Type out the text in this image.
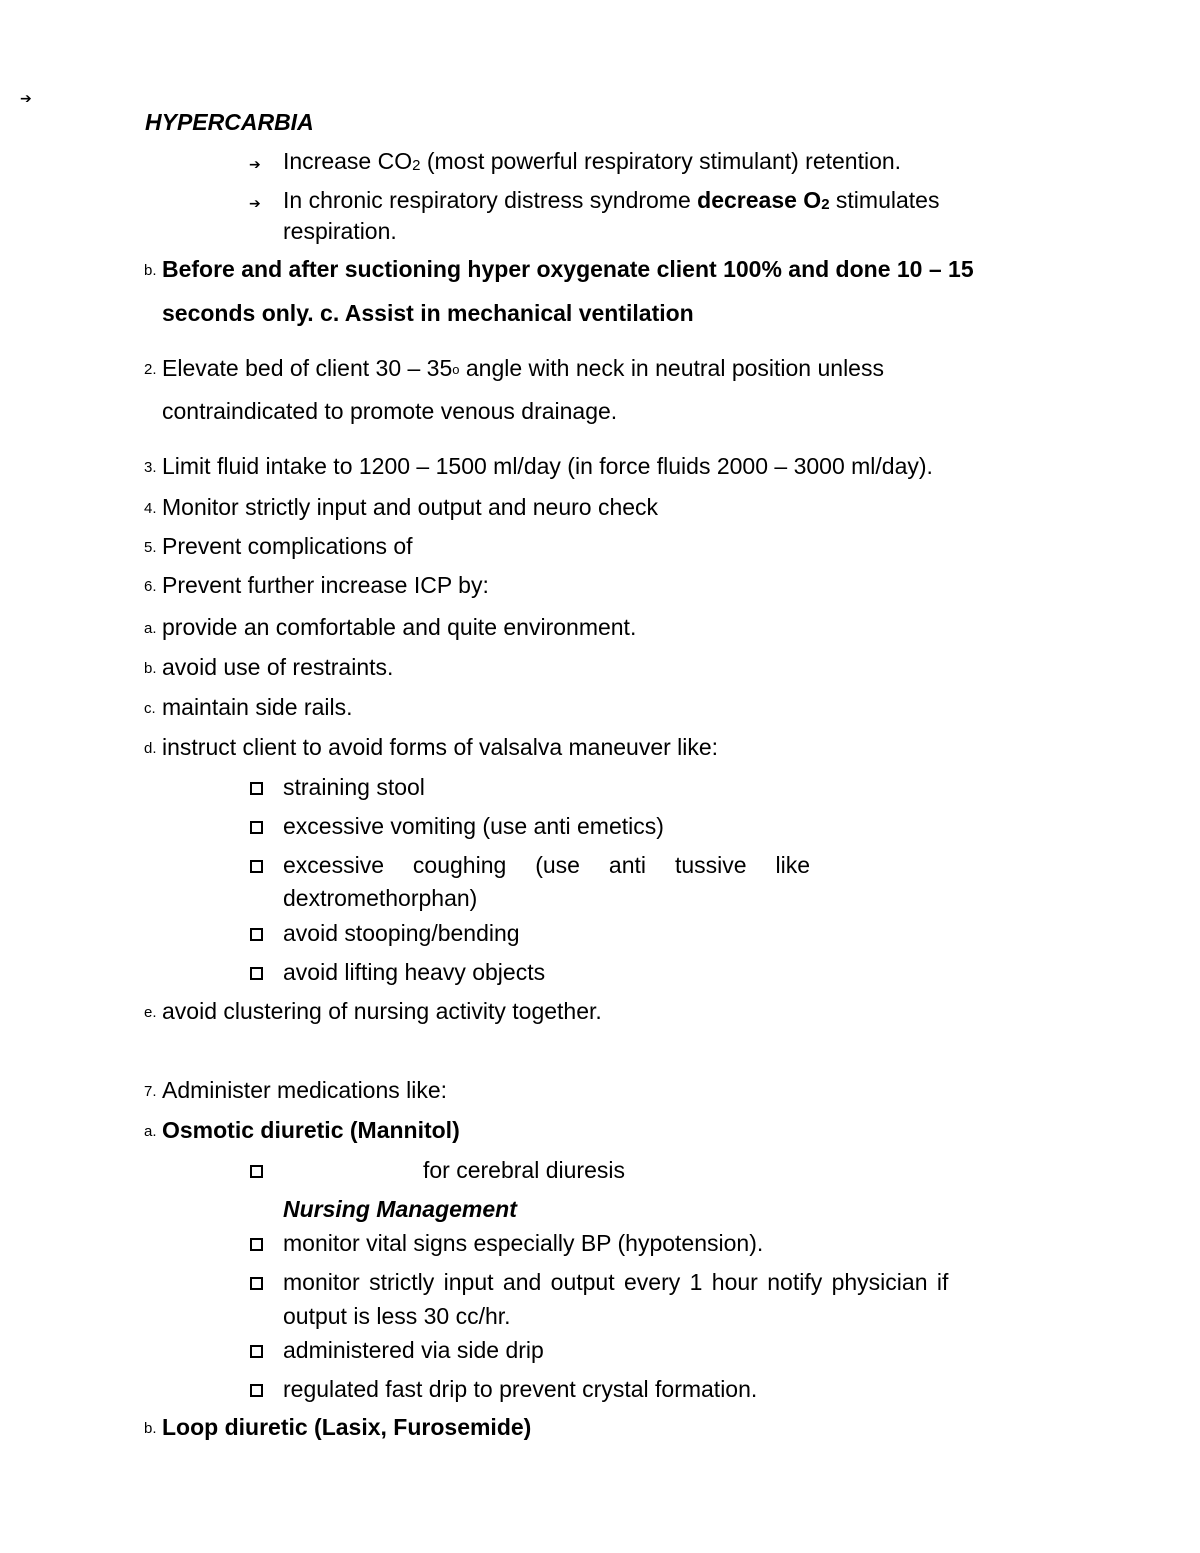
➔
HYPERCARBIA
➔ Increase $CO_2$ (most powerful respiratory stimulant) retention.
➔ In chronic respiratory distress syndrome decrease $O_2$ stimulates
respiration.
b. Before and after suctioning hyper oxygenate client 100% and done 10 – 15
seconds only. c. Assist in mechanical ventilation
2. Elevate bed of client 30 – 35$^o$ angle with neck in neutral position unless
contraindicated to promote venous drainage.
3. Limit fluid intake to 1200 – 1500 ml/day (in force fluids 2000 – 3000 ml/day).
4. Monitor strictly input and output and neuro check
5. Prevent complications of
6. Prevent further increase ICP by:
a. provide an comfortable and quite environment.
b. avoid use of restraints.
c. maintain side rails.
d. instruct client to avoid forms of valsalva maneuver like:
straining stool
excessive vomiting (use anti emetics)
excessive coughing (use anti tussive like
dextromethorphan)
avoid stooping/bending
avoid lifting heavy objects
e. avoid clustering of nursing activity together.
7. Administer medications like:
a. Osmotic diuretic (Mannitol)
for cerebral diuresis
Nursing Management
monitor vital signs especially BP (hypotension).
monitor strictly input and output every 1 hour notify physician if
output is less 30 cc/hr.
administered via side drip
regulated fast drip to prevent crystal formation.
b. Loop diuretic (Lasix, Furosemide)
